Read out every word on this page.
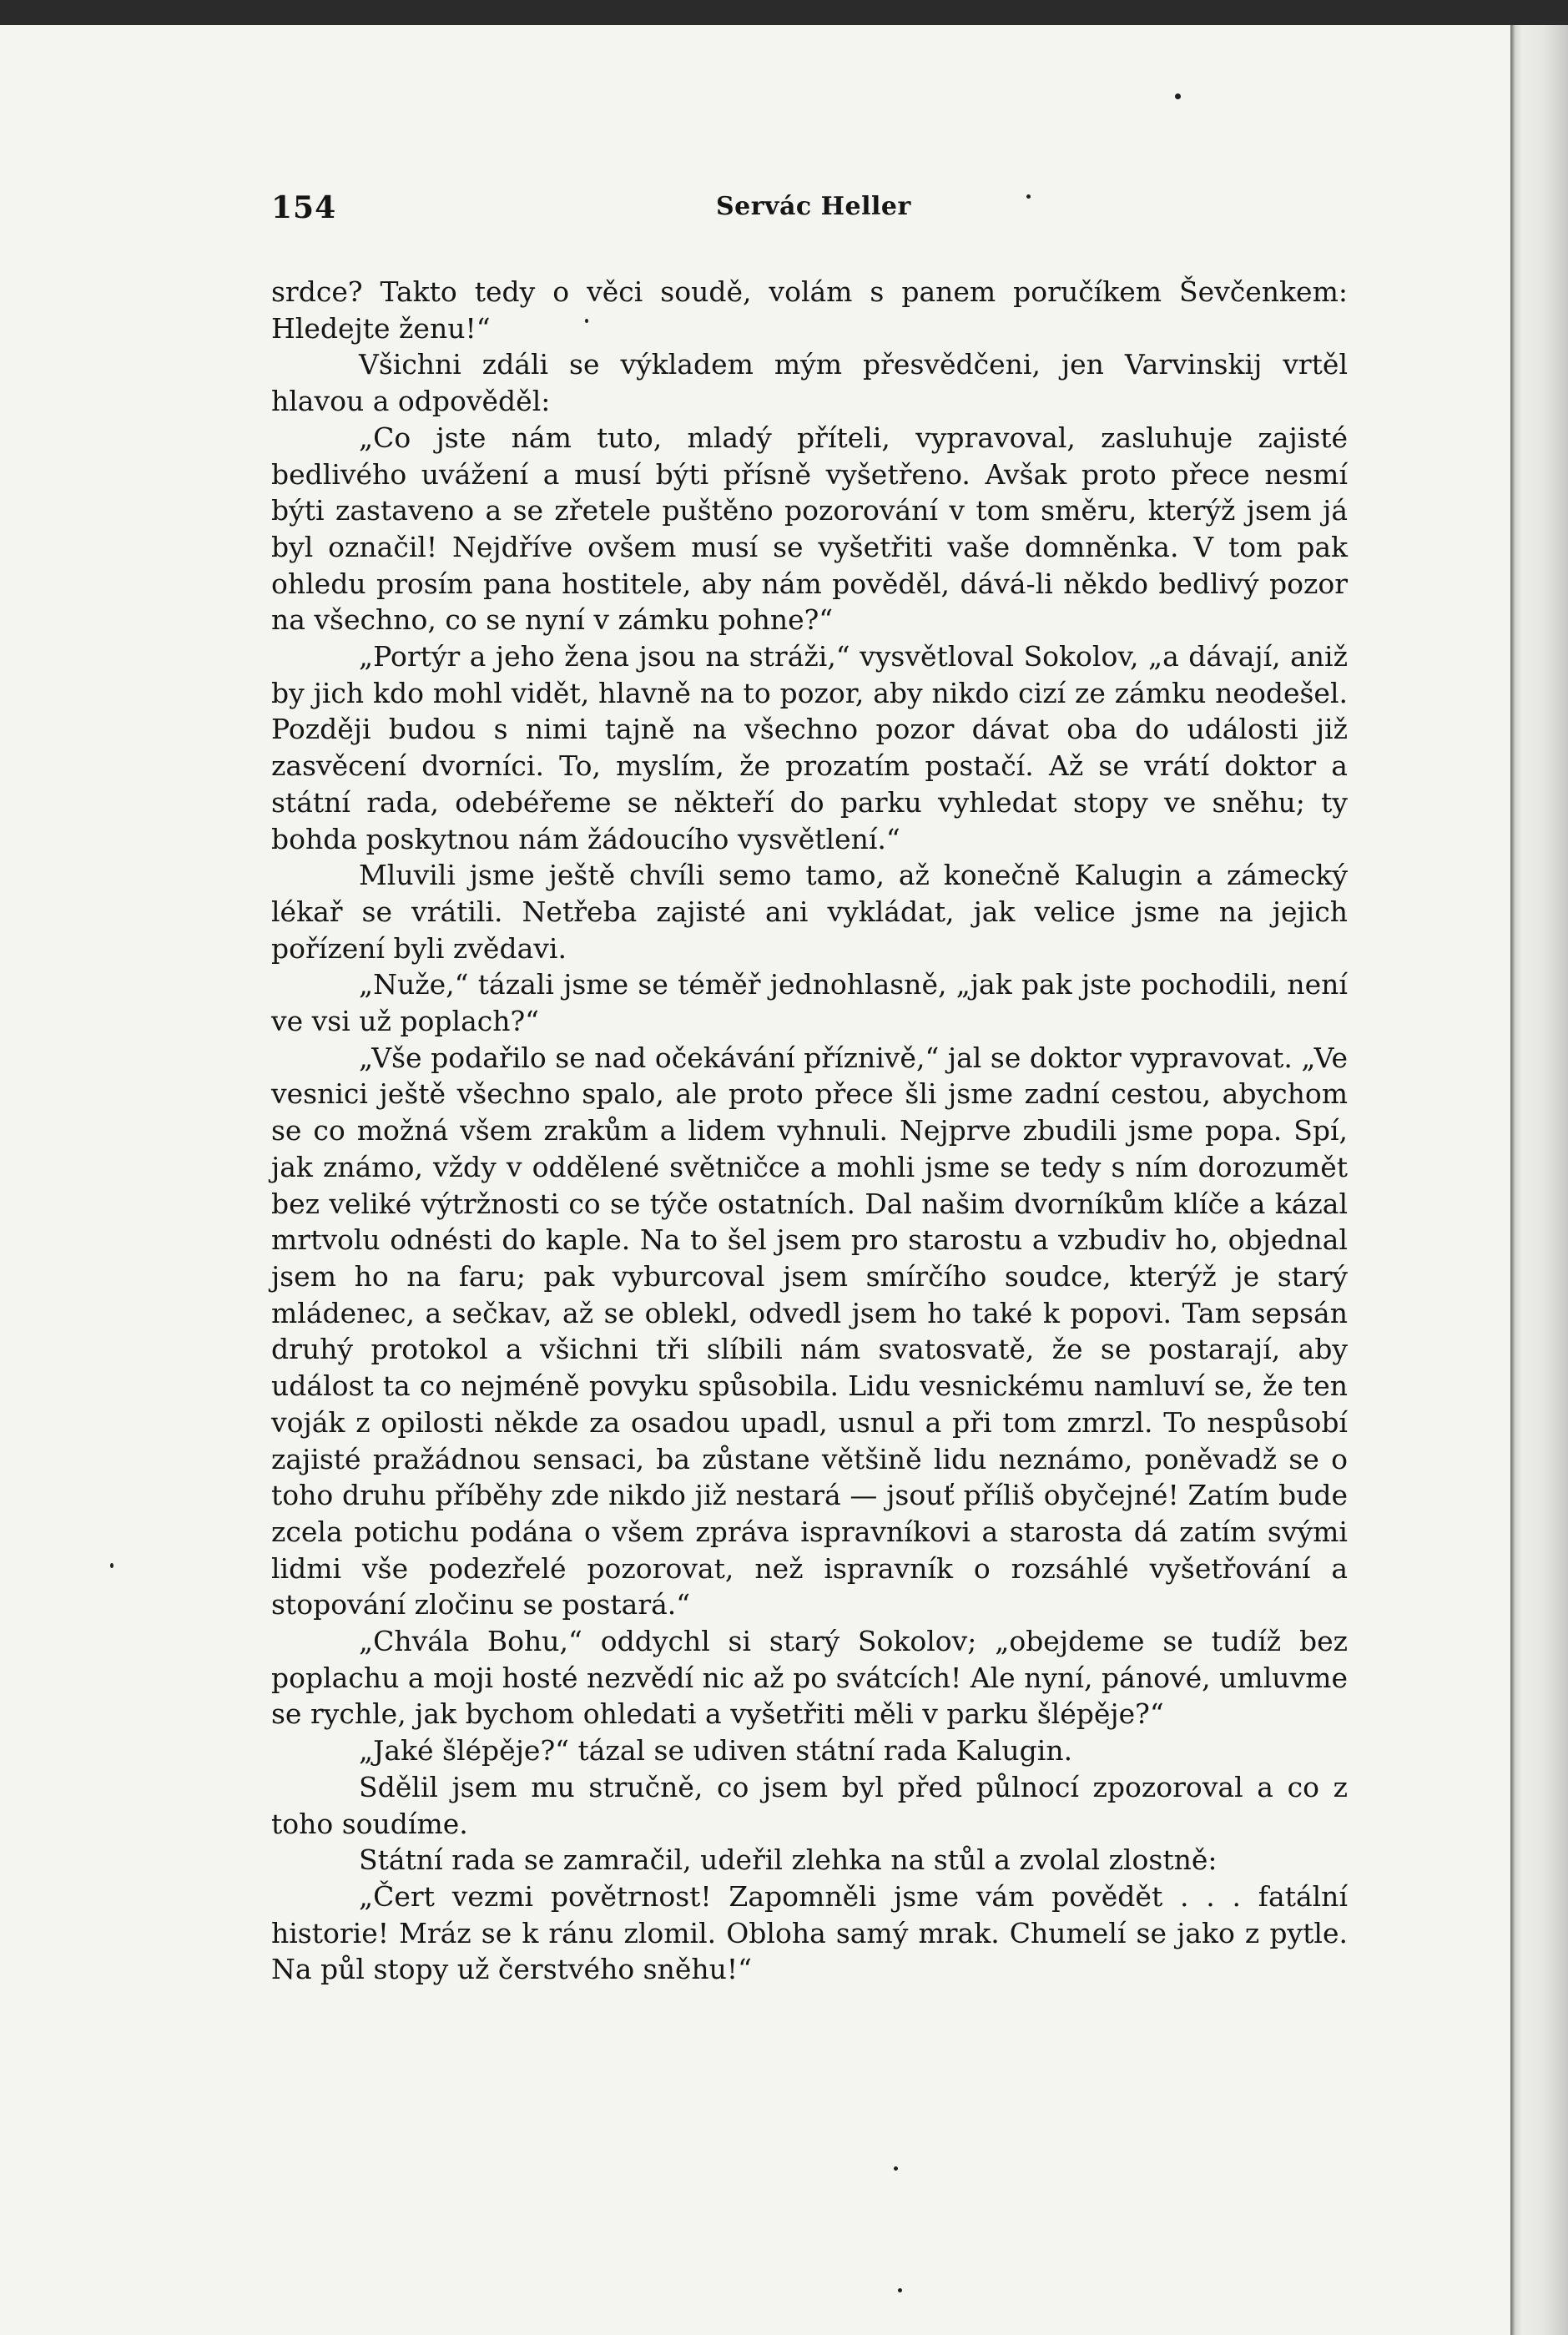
154	Servác Heller

srdce? Takto tedy o věci soudě, volám s panem poručíkem Ševčenkem: Hledejte ženu!“

Všichni zdáli se výkladem mým přesvědčeni, jen Varvinskij vrtěl hlavou a odpověděl:

„Co jste nám tuto, mladý příteli, vypravoval, zasluhuje zajisté bedlivého uvážení a musí býti přísně vyšetřeno. Avšak proto přece nesmí býti zastaveno a se zřetele puštěno pozorování v tom směru, kterýž jsem já byl označil! Nejdříve ovšem musí se vyšetřiti vaše domněnka. V tom pak ohledu prosím pana hostitele, aby nám pověděl, dává-li někdo bedlivý pozor na všechno, co se nyní v zámku pohne?“

„Portýr a jeho žena jsou na stráži,“ vysvětloval Sokolov, „a dávají, aniž by jich kdo mohl vidět, hlavně na to pozor, aby nikdo cizí ze zámku neodešel. Později budou s nimi tajně na všechno pozor dávat oba do události již zasvěcení dvorníci. To, myslím, že prozatím postačí. Až se vrátí doktor a státní rada, odebéřeme se někteří do parku vyhledat stopy ve sněhu; ty bohda poskytnou nám žádoucího vysvětlení.“

Mluvili jsme ještě chvíli semo tamo, až konečně Kalugin a zámecký lékař se vrátili. Netřeba zajisté ani vykládat, jak velice jsme na jejich pořízení byli zvědavi.

„Nuže,“ tázali jsme se téměř jednohlasně, „jak pak jste pochodili, není ve vsi už poplach?“

„Vše podařilo se nad očekávání příznivě,“ jal se doktor vypravovat. „Ve vesnici ještě všechno spalo, ale proto přece šli jsme zadní cestou, abychom se co možná všem zrakům a lidem vyhnuli. Nejprve zbudili jsme popa. Spí, jak známo, vždy v oddělené světničce a mohli jsme se tedy s ním dorozumět bez veliké výtržnosti co se týče ostatních. Dal našim dvorníkům klíče a kázal mrtvolu odnésti do kaple. Na to šel jsem pro starostu a vzbudiv ho, objednal jsem ho na faru; pak vyburcoval jsem smírčího soudce, kterýž je starý mládenec, a sečkav, až se oblekl, odvedl jsem ho také k popovi. Tam sepsán druhý protokol a všichni tři slíbili nám svatosvatě, že se postarají, aby událost ta co nejméně povyku spůsobila. Lidu vesnickému namluví se, že ten voják z opilosti někde za osadou upadl, usnul a při tom zmrzl. To nespůsobí zajisté pražádnou sensaci, ba zůstane většině lidu neznámo, poněvadž se o toho druhu příběhy zde nikdo již nestará — jsouť příliš obyčejné! Zatím bude zcela potichu podána o všem zpráva ispravníkovi a starosta dá zatím svými lidmi vše podezřelé pozorovat, než ispravník o rozsáhlé vyšetřování a stopování zločinu se postará.“

„Chvála Bohu,“ oddychl si starý Sokolov; „obejdeme se tudíž bez poplachu a moji hosté nezvědí nic až po svátcích! Ale nyní, pánové, umluvme se rychle, jak bychom ohledati a vyšetřiti měli v parku šlépěje?“

„Jaké šlépěje?“ tázal se udiven státní rada Kalugin.

Sdělil jsem mu stručně, co jsem byl před půlnocí zpozoroval a co z toho soudíme.

Státní rada se zamračil, udeřil zlehka na stůl a zvolal zlostně:

„Čert vezmi povětrnost! Zapomněli jsme vám povědět . . . fatální historie! Mráz se k ránu zlomil. Obloha samý mrak. Chumelí se jako z pytle. Na půl stopy už čerstvého sněhu!“
